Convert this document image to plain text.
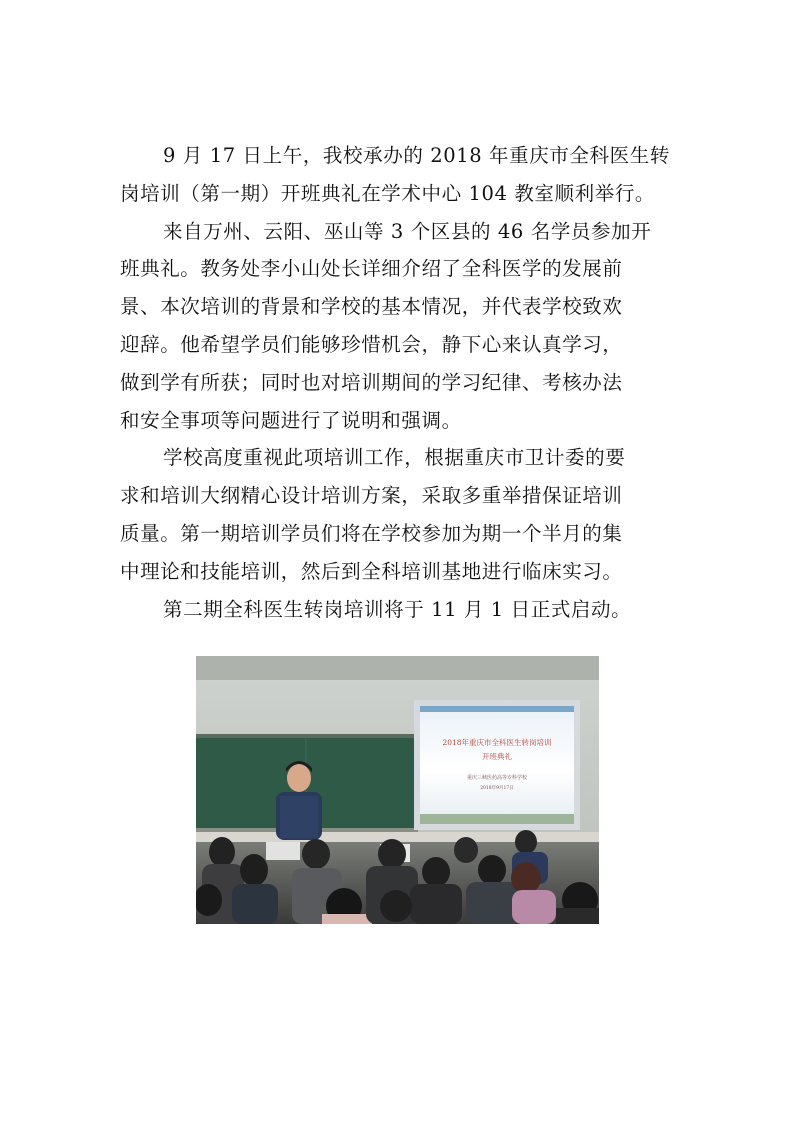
9 月 17 日上午，我校承办的 2018 年重庆市全科医生转
岗培训（第一期）开班典礼在学术中心 104 教室顺利举行。
来自万州、云阳、巫山等 3 个区县的 46 名学员参加开
班典礼。教务处李小山处长详细介绍了全科医学的发展前
景、本次培训的背景和学校的基本情况，并代表学校致欢
迎辞。他希望学员们能够珍惜机会，静下心来认真学习，
做到学有所获；同时也对培训期间的学习纪律、考核办法
和安全事项等问题进行了说明和强调。
学校高度重视此项培训工作，根据重庆市卫计委的要
求和培训大纲精心设计培训方案，采取多重举措保证培训
质量。第一期培训学员们将在学校参加为期一个半月的集
中理论和技能培训，然后到全科培训基地进行临床实习。
第二期全科医生转岗培训将于 11 月 1 日正式启动。
2018年重庆市全科医生转岗培训
开班典礼
重庆三峡医药高等专科学校
2018年9月17日
